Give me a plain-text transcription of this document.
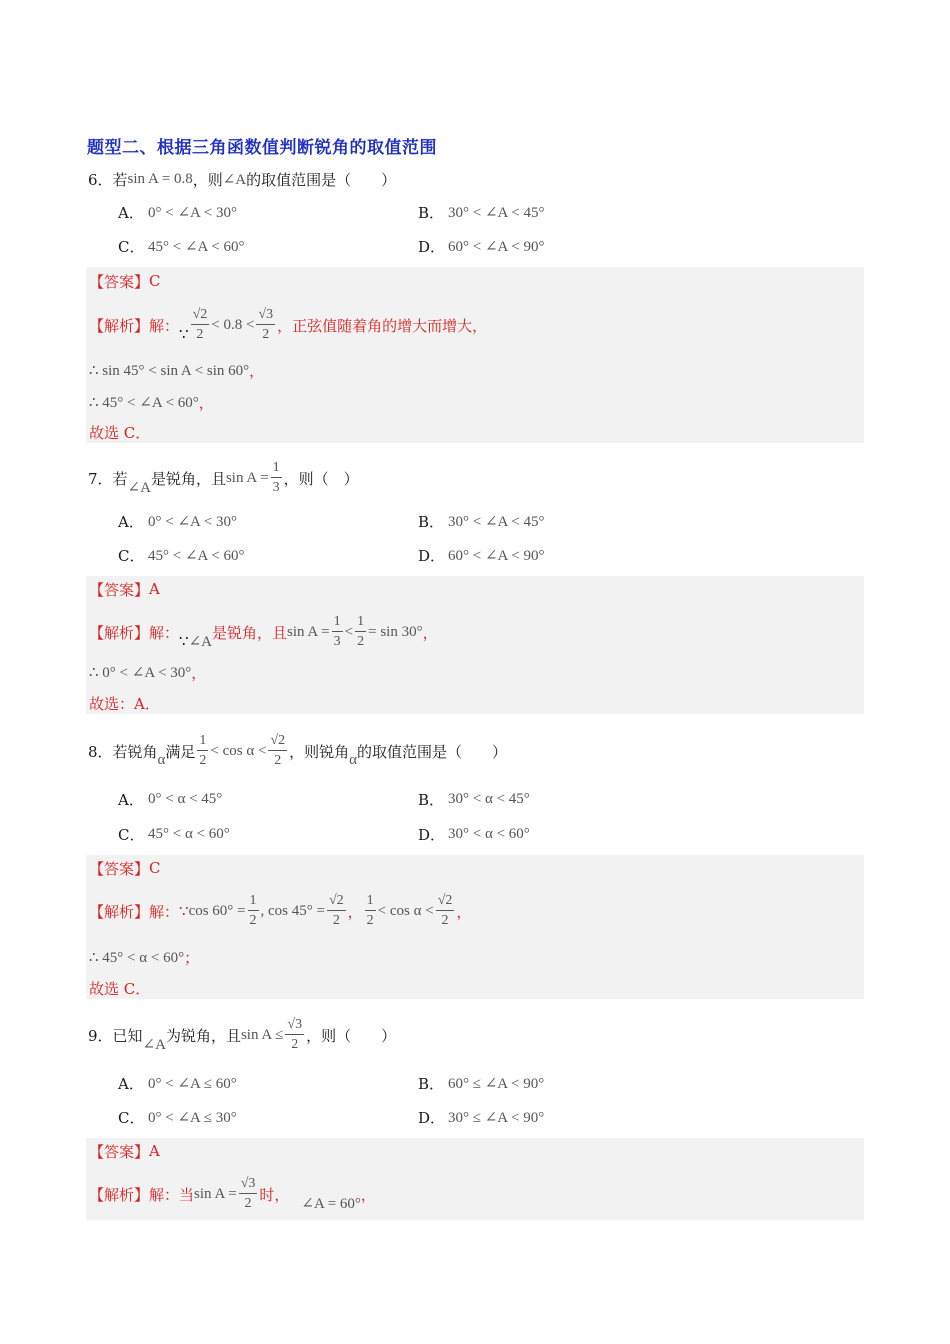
题型二、根据三角函数值判断锐角的取值范围
6．若 sin A = 0.8 ，则 ∠A 的取值范围是（　　）
A． 0° < ∠A < 30°	B． 30° < ∠A < 45°
C． 45° < ∠A < 60°	D． 60° < ∠A < 90°
【答案】 C
【解析】解： ∵ $\frac{√2}{2} < 0.8 < \frac{√3}{2}$ ，正弦值随着角的增大而增大，
∴ sin 45° < sin A < sin 60° ，
∴ 45° < ∠A < 60° ，
故选 C．
7．若 ∠A 是锐角，且 $\sin A = \frac{1}{3}$ ，则（　）
A． 0° < ∠A < 30°	B． 30° < ∠A < 45°
C． 45° < ∠A < 60°	D． 60° < ∠A < 90°
【答案】 A
【解析】解： ∵ ∠A 是锐角，且 $\sin A = \frac{1}{3} < \frac{1}{2} = \sin 30^\circ$ ，
∴ 0° < ∠A < 30° ，
故选：A．
8．若锐角 α 满足 $\frac{1}{2} < \cos \alpha < \frac{√2}{2}$ ，则锐角 α 的取值范围是（　　）
A． 0° < α < 45°	B． 30° < α < 45°
C． 45° < α < 60°	D． 30° < α < 60°
【答案】 C
【解析】解： ∵ $\cos 60^\circ = \frac{1}{2}$ , $\cos 45^\circ = \frac{√2}{2}$ ， $\frac{1}{2} < \cos \alpha < \frac{√2}{2}$ ，
∴ 45° < α < 60° ；
故选 C．
9．已知 ∠A 为锐角，且 $\sin A \le \frac{√3}{2}$ ，则（　　）
A． 0° < ∠A ≤ 60°	B． 60° ≤ ∠A < 90°
C． 0° < ∠A ≤ 30°	D． 30° ≤ ∠A < 90°
【答案】 A
【解析】解： 当 $\sin A = \frac{√3}{2}$ 时， ∠A = 60° ，
